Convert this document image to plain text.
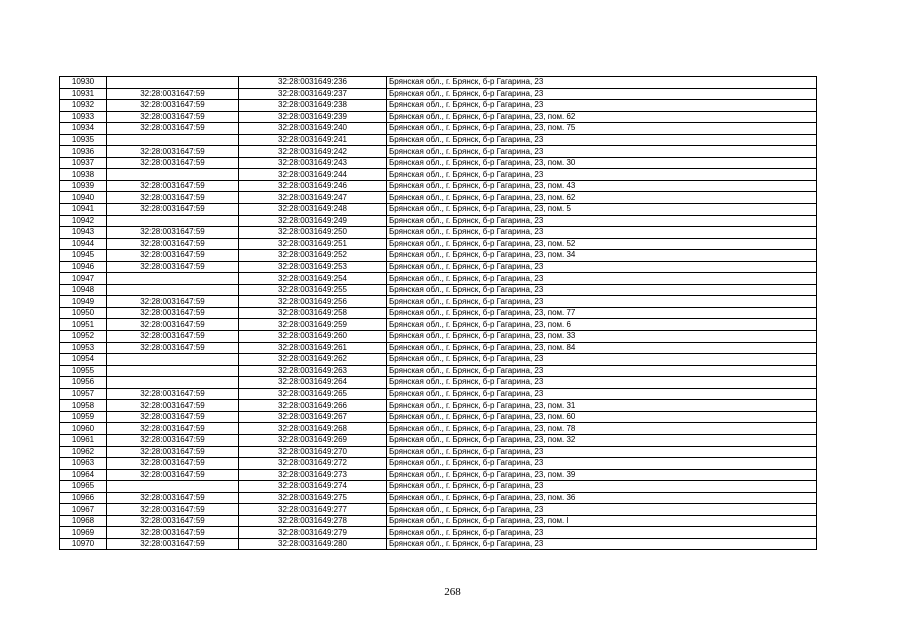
10930		32:28:0031649:236	Брянская обл., г. Брянск, б-р Гагарина, 23
10931	32:28:0031647:59	32:28:0031649:237	Брянская обл., г. Брянск, б-р Гагарина, 23
10932	32:28:0031647:59	32:28:0031649:238	Брянская обл., г. Брянск, б-р Гагарина, 23
10933	32:28:0031647:59	32:28:0031649:239	Брянская обл., г. Брянск, б-р Гагарина, 23, пом. 62
10934	32:28:0031647:59	32:28:0031649:240	Брянская обл., г. Брянск, б-р Гагарина, 23, пом. 75
10935		32:28:0031649:241	Брянская обл., г. Брянск, б-р Гагарина, 23
10936	32:28:0031647:59	32:28:0031649:242	Брянская обл., г. Брянск, б-р Гагарина, 23
10937	32:28:0031647:59	32:28:0031649:243	Брянская обл., г. Брянск, б-р Гагарина, 23, пом. 30
10938		32:28:0031649:244	Брянская обл., г. Брянск, б-р Гагарина, 23
10939	32:28:0031647:59	32:28:0031649:246	Брянская обл., г. Брянск, б-р Гагарина, 23, пом. 43
10940	32:28:0031647:59	32:28:0031649:247	Брянская обл., г. Брянск, б-р Гагарина, 23, пом. 62
10941	32:28:0031647:59	32:28:0031649:248	Брянская обл., г. Брянск, б-р Гагарина, 23, пом. 5
10942		32:28:0031649:249	Брянская обл., г. Брянск, б-р Гагарина, 23
10943	32:28:0031647:59	32:28:0031649:250	Брянская обл., г. Брянск, б-р Гагарина, 23
10944	32:28:0031647:59	32:28:0031649:251	Брянская обл., г. Брянск, б-р Гагарина, 23, пом. 52
10945	32:28:0031647:59	32:28:0031649:252	Брянская обл., г. Брянск, б-р Гагарина, 23, пом. 34
10946	32:28:0031647:59	32:28:0031649:253	Брянская обл., г. Брянск, б-р Гагарина, 23
10947		32:28:0031649:254	Брянская обл., г. Брянск, б-р Гагарина, 23
10948		32:28:0031649:255	Брянская обл., г. Брянск, б-р Гагарина, 23
10949	32:28:0031647:59	32:28:0031649:256	Брянская обл., г. Брянск, б-р Гагарина, 23
10950	32:28:0031647:59	32:28:0031649:258	Брянская обл., г. Брянск, б-р Гагарина, 23, пом. 77
10951	32:28:0031647:59	32:28:0031649:259	Брянская обл., г. Брянск, б-р Гагарина, 23, пом. 6
10952	32:28:0031647:59	32:28:0031649:260	Брянская обл., г. Брянск, б-р Гагарина, 23, пом. 33
10953	32:28:0031647:59	32:28:0031649:261	Брянская обл., г. Брянск, б-р Гагарина, 23, пом. 84
10954		32:28:0031649:262	Брянская обл., г. Брянск, б-р Гагарина, 23
10955		32:28:0031649:263	Брянская обл., г. Брянск, б-р Гагарина, 23
10956		32:28:0031649:264	Брянская обл., г. Брянск, б-р Гагарина, 23
10957	32:28:0031647:59	32:28:0031649:265	Брянская обл., г. Брянск, б-р Гагарина, 23
10958	32:28:0031647:59	32:28:0031649:266	Брянская обл., г. Брянск, б-р Гагарина, 23, пом. 31
10959	32:28:0031647:59	32:28:0031649:267	Брянская обл., г. Брянск, б-р Гагарина, 23, пом. 60
10960	32:28:0031647:59	32:28:0031649:268	Брянская обл., г. Брянск, б-р Гагарина, 23, пом. 78
10961	32:28:0031647:59	32:28:0031649:269	Брянская обл., г. Брянск, б-р Гагарина, 23, пом. 32
10962	32:28:0031647:59	32:28:0031649:270	Брянская обл., г. Брянск, б-р Гагарина, 23
10963	32:28:0031647:59	32:28:0031649:272	Брянская обл., г. Брянск, б-р Гагарина, 23
10964	32:28:0031647:59	32:28:0031649:273	Брянская обл., г. Брянск, б-р Гагарина, 23, пом. 39
10965		32:28:0031649:274	Брянская обл., г. Брянск, б-р Гагарина, 23
10966	32:28:0031647:59	32:28:0031649:275	Брянская обл., г. Брянск, б-р Гагарина, 23, пом. 36
10967	32:28:0031647:59	32:28:0031649:277	Брянская обл., г. Брянск, б-р Гагарина, 23
10968	32:28:0031647:59	32:28:0031649:278	Брянская обл., г. Брянск, б-р Гагарина, 23, пом. I
10969	32:28:0031647:59	32:28:0031649:279	Брянская обл., г. Брянск, б-р Гагарина, 23
10970	32:28:0031647:59	32:28:0031649:280	Брянская обл., г. Брянск, б-р Гагарина, 23
268
